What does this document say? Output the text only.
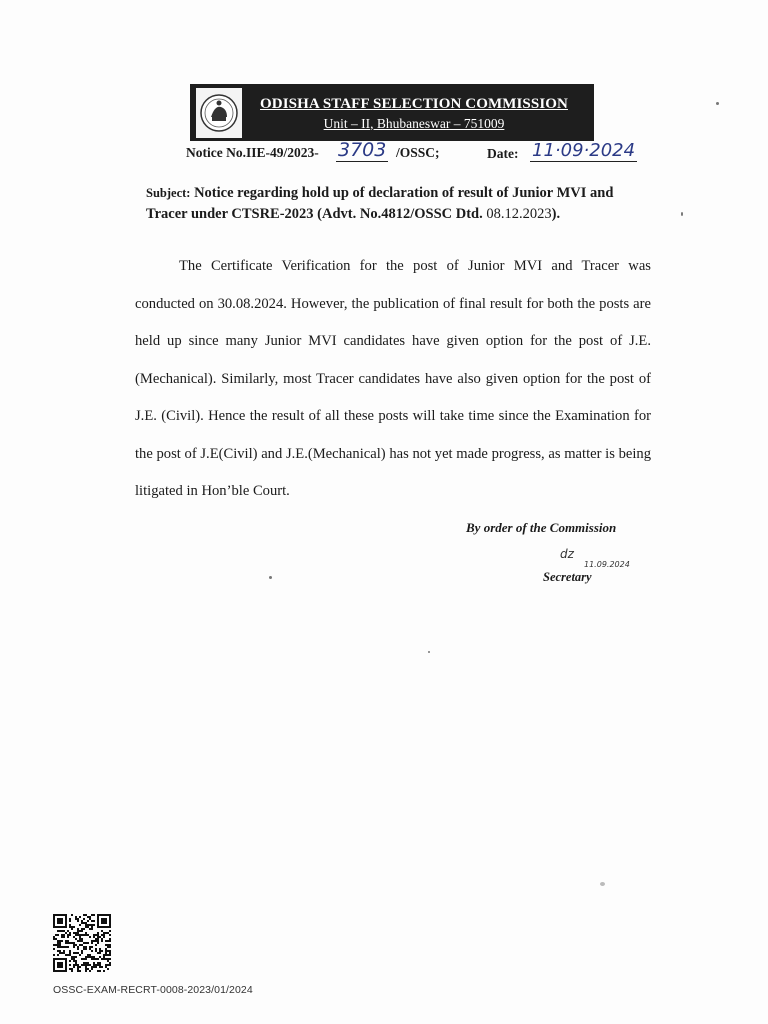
ODISHA STAFF SELECTION COMMISSION
Unit – II, Bhubaneswar – 751009
Notice No.IIE-49/2023- 3703 /OSSC;	Date: 11·09·2024
Subject: Notice regarding hold up of declaration of result of Junior MVI and Tracer under CTSRE-2023 (Advt. No.4812/OSSC Dtd. 08.12.2023).
The Certificate Verification for the post of Junior MVI and Tracer was conducted on 30.08.2024. However, the publication of final result for both the posts are held up since many Junior MVI candidates have given option for the post of J.E.(Mechanical). Similarly, most Tracer candidates have also given option for the post of J.E. (Civil). Hence the result of all these posts will take time since the Examination for the post of J.E(Civil) and J.E.(Mechanical) has not yet made progress, as matter is being litigated in Hon’ble Court.
By order of the Commission
dz
11.09.2024
Secretary
OSSC-EXAM-RECRT-0008-2023/01/2024
